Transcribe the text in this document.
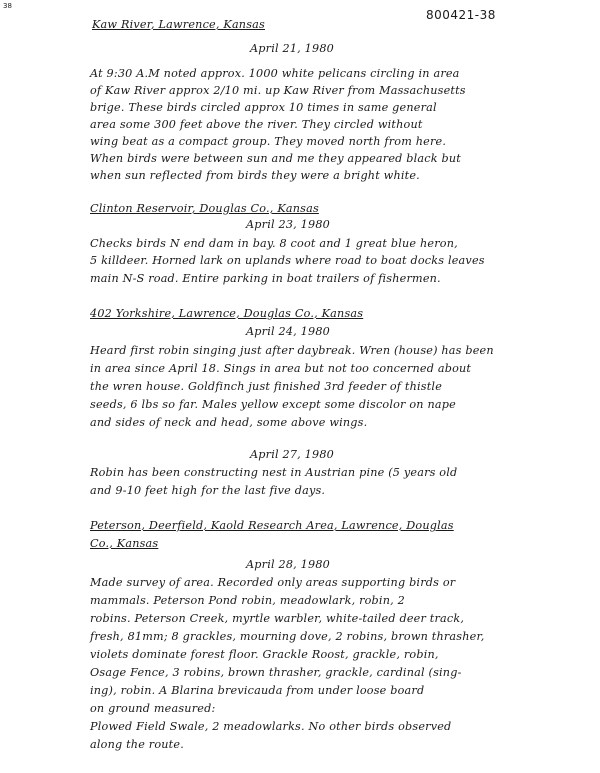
38
800421-38
Kaw River, Lawrence, Kansas
April 21, 1980
At 9:30 A.M noted approx. 1000 white pelicans circling in area
of Kaw River approx 2/10 mi. up Kaw River from Massachusetts
brige. These birds circled approx 10 times in same general
area some 300 feet above the river. They circled without
wing beat as a compact group. They moved north from here.
When birds were between sun and me they appeared black but
when sun reflected from birds they were a bright white.
Clinton Reservoir, Douglas Co., Kansas
April 23, 1980
Checks birds N end dam in bay. 8 coot and 1 great blue heron,
5 killdeer. Horned lark on uplands where road to boat docks leaves
main N-S road. Entire parking in boat trailers of fishermen.
402 Yorkshire, Lawrence, Douglas Co., Kansas
April 24, 1980
Heard first robin singing just after daybreak. Wren (house) has been
in area since April 18. Sings in area but not too concerned about
the wren house. Goldfinch just finished 3rd feeder of thistle
seeds, 6 lbs so far. Males yellow except some discolor on nape
and sides of neck and head, some above wings.
April 27, 1980
Robin has been constructing nest in Austrian pine (5 years old
and 9-10 feet high for the last five days.
Peterson, Deerfield, Kaold Research Area, Lawrence, Douglas
Co., Kansas
April 28, 1980
Made survey of area. Recorded only areas supporting birds or
mammals. Peterson Pond robin, meadowlark, robin, 2
robins. Peterson Creek, myrtle warbler, white-tailed deer track,
fresh, 81mm; 8 grackles, mourning dove, 2 robins, brown thrasher,
violets dominate forest floor. Grackle Roost, grackle, robin,
Osage Fence, 3 robins, brown thrasher, grackle, cardinal (sing-
ing), robin. A Blarina brevicauda from under loose board
on ground measured:
Plowed Field Swale, 2 meadowlarks. No other birds observed
along the route.
